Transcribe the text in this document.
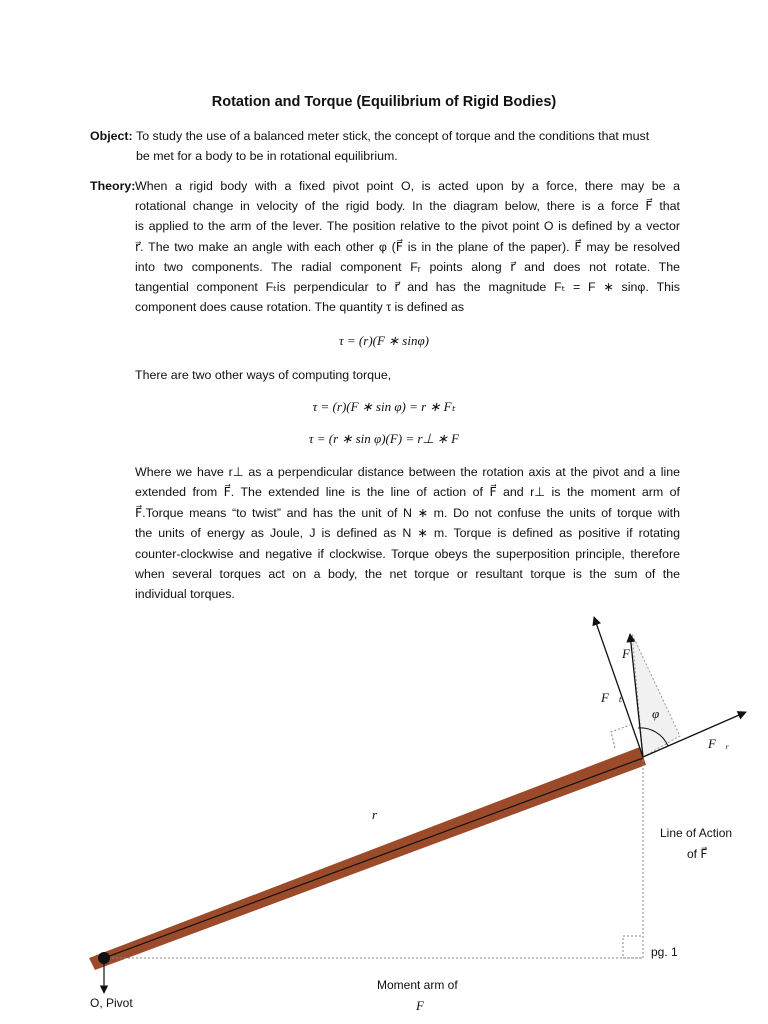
Rotation and Torque (Equilibrium of Rigid Bodies)
Object: To study the use of a balanced meter stick, the concept of torque and the conditions that must
be met for a body to be in rotational equilibrium.
Theory: When a rigid body with a fixed pivot point O, is acted upon by a force, there may be a
rotational change in velocity of the rigid body. In the diagram below, there is a force F⃗ that
is applied to the arm of the lever. The position relative to the pivot point O is defined by a vector
r⃗. The two make an angle with each other φ (F⃗ is in the plane of the paper). F⃗ may be resolved
into two components. The radial component Fᵣ points along r⃗ and does not rotate. The
tangential component Fₜis perpendicular to r⃗ and has the magnitude Fₜ = F ∗ sinφ. This
component does cause rotation. The quantity τ is defined as
τ = (r)(F ∗ sinφ)
There are two other ways of computing torque,
τ = (r)(F ∗ sin φ) = r ∗ Fₜ
τ = (r ∗ sin φ)(F) = r⊥ ∗ F
Where we have r⊥ as a perpendicular distance between the rotation axis at the pivot and a line
extended from F⃗. The extended line is the line of action of F⃗ and r⊥ is the moment arm of
F⃗.Torque means “to twist” and has the unit of N ∗ m. Do not confuse the units of torque with
the units of energy as Joule, J is defined as N ∗ m. Torque is defined as positive if rotating
counter-clockwise and negative if clockwise. Torque obeys the superposition principle, therefore
when several torques act on a body, the net torque or resultant torque is the sum of the
individual torques.
F⃗
F⃗ₜ
φ
F⃗ᵣ
r⃗
Line of Action
of F⃗
pg. 1
Moment arm of
F⃗
O, Pivot
